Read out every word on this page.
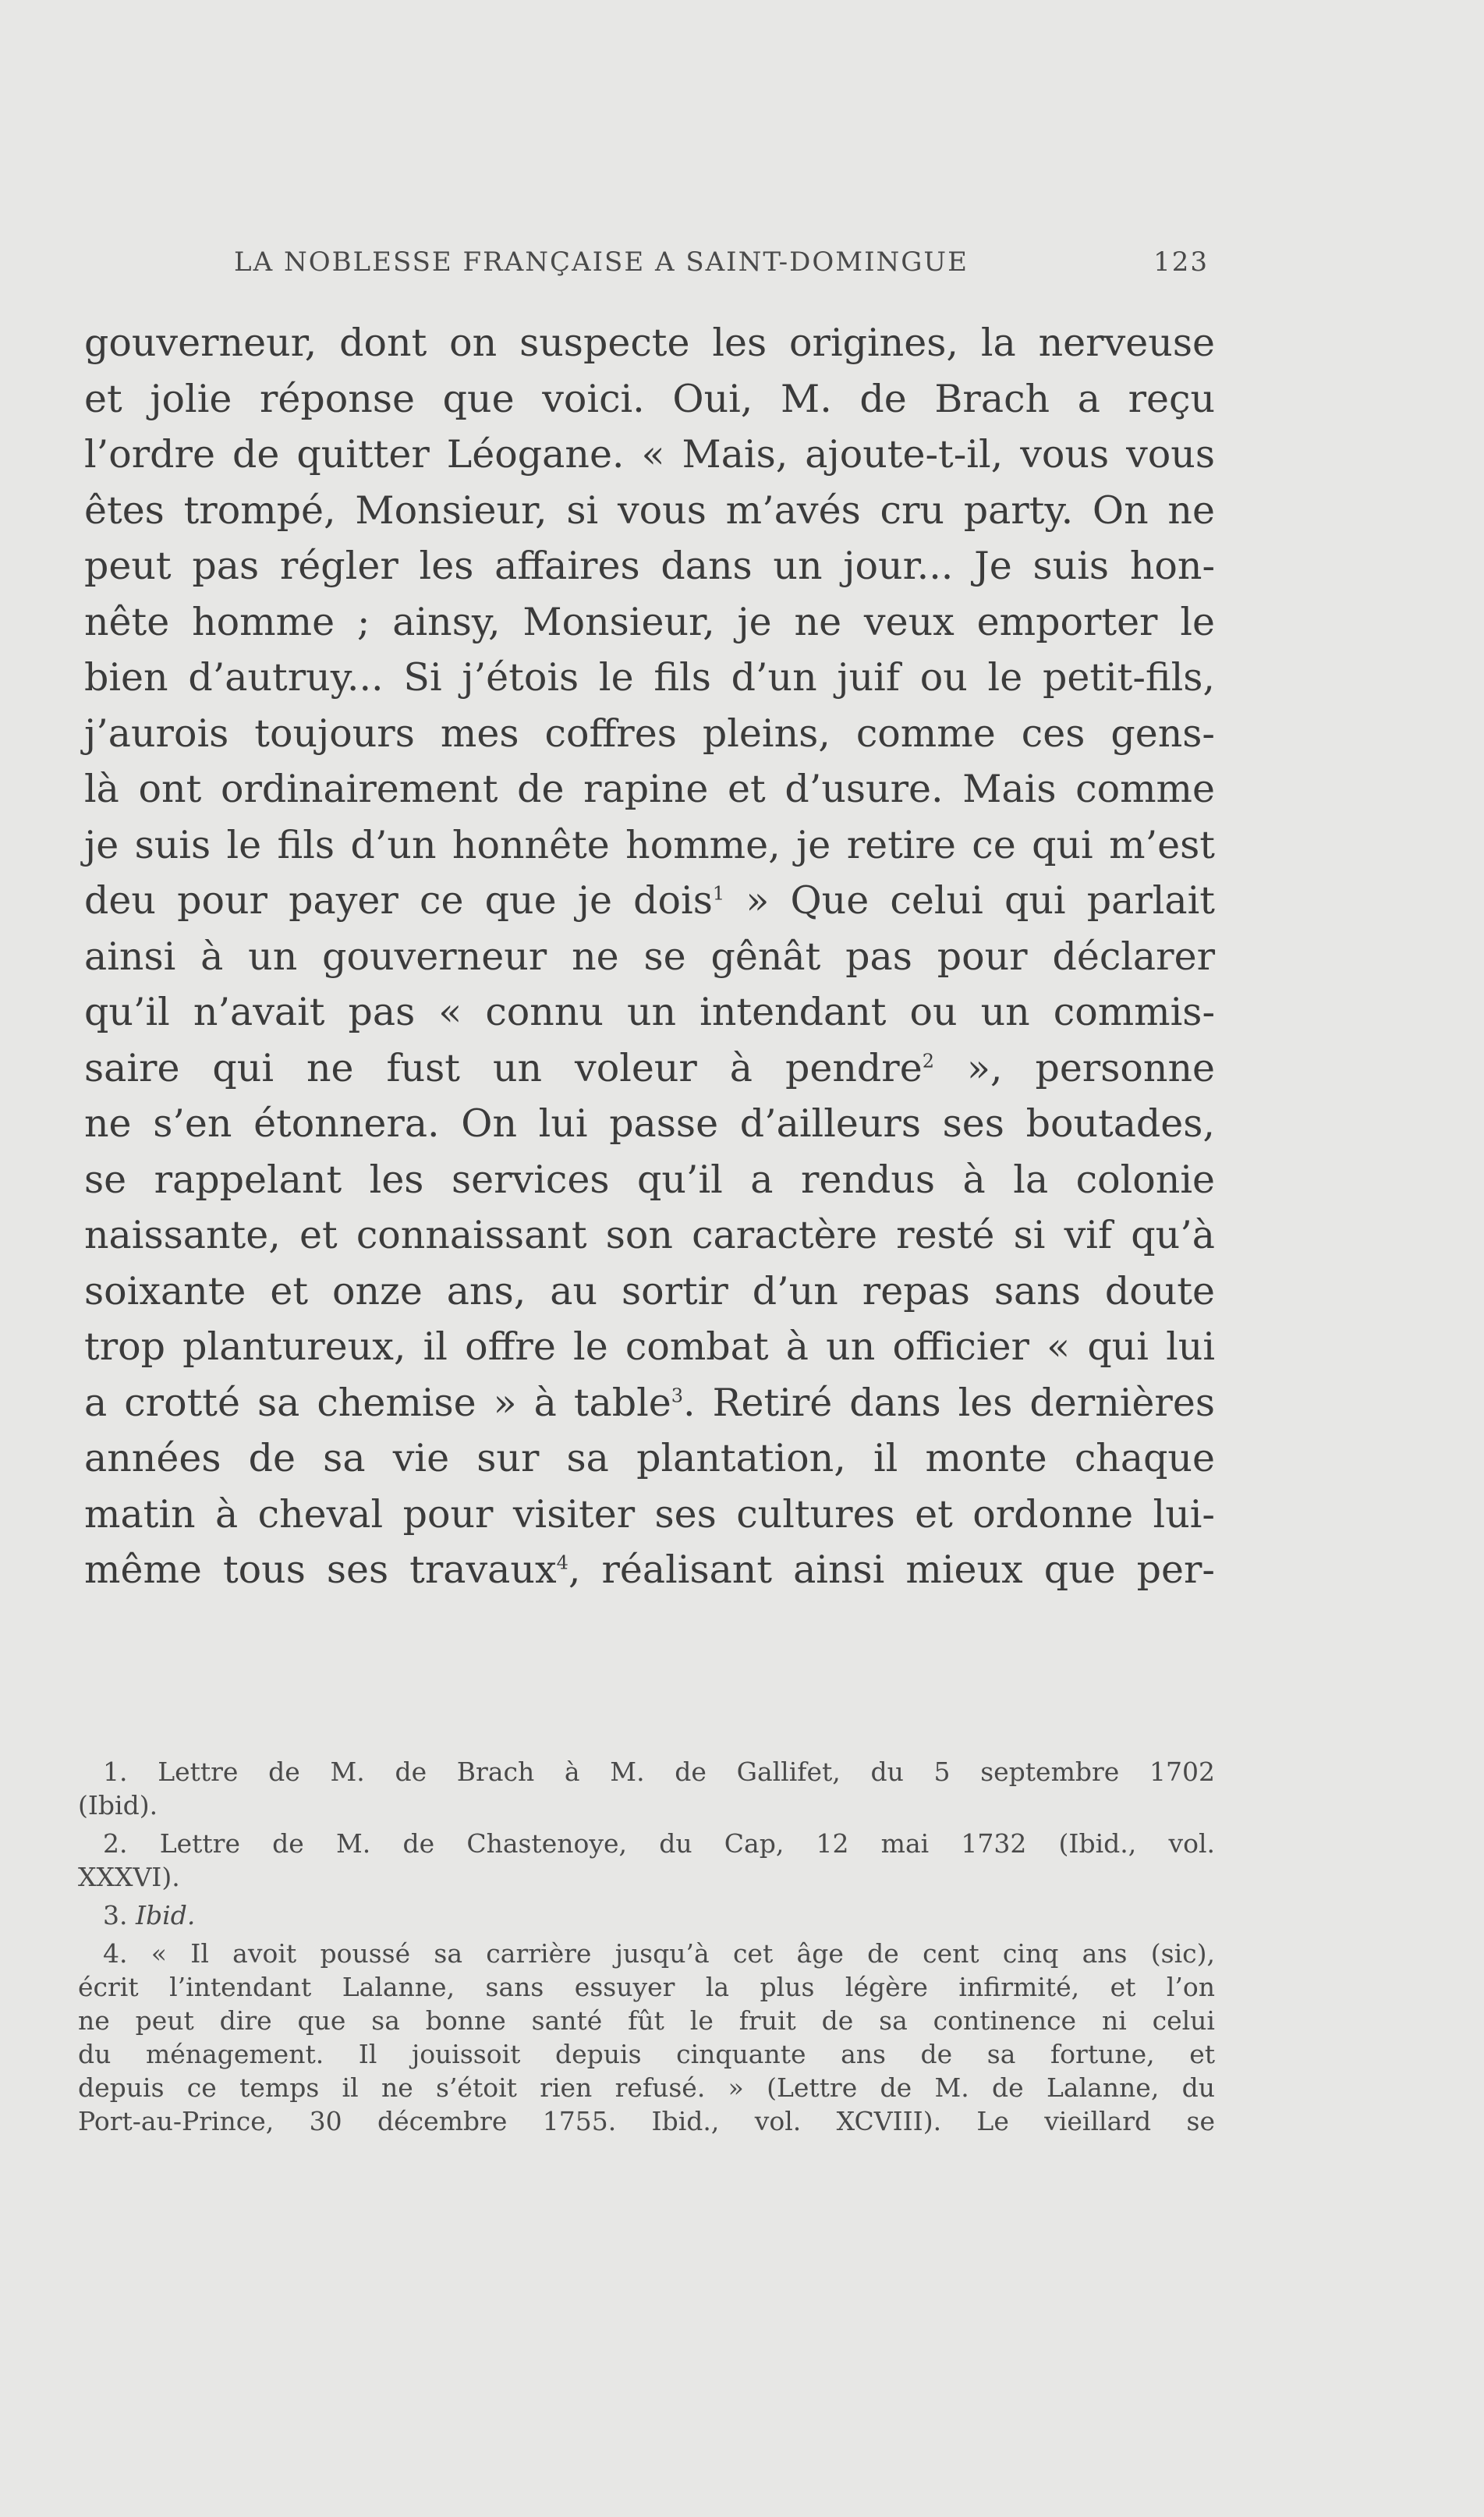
LA NOBLESSE FRANÇAISE A SAINT-DOMINGUE	123
gouverneur, dont on suspecte les origines, la nerveuse
et jolie réponse que voici. Oui, M. de Brach a reçu
l’ordre de quitter Léogane. « Mais, ajoute-t-il, vous vous
êtes trompé, Monsieur, si vous m’avés cru party. On ne
peut pas régler les affaires dans un jour... Je suis hon-
nête homme ; ainsy, Monsieur, je ne veux emporter le
bien d’autruy... Si j’étois le fils d’un juif ou le petit-fils,
j’aurois toujours mes coffres pleins, comme ces gens-
là ont ordinairement de rapine et d’usure. Mais comme
je suis le fils d’un honnête homme, je retire ce qui m’est
deu pour payer ce que je dois$^1$ » Que celui qui parlait
ainsi à un gouverneur ne se gênât pas pour déclarer
qu’il n’avait pas « connu un intendant ou un commis-
saire qui ne fust un voleur à pendre$^2$ », personne
ne s’en étonnera. On lui passe d’ailleurs ses boutades,
se rappelant les services qu’il a rendus à la colonie
naissante, et connaissant son caractère resté si vif qu’à
soixante et onze ans, au sortir d’un repas sans doute
trop plantureux, il offre le combat à un officier « qui lui
a crotté sa chemise » à table$^3$. Retiré dans les dernières
années de sa vie sur sa plantation, il monte chaque
matin à cheval pour visiter ses cultures et ordonne lui-
même tous ses travaux$^4$, réalisant ainsi mieux que per-
1. Lettre de M. de Brach à M. de Gallifet, du 5 septembre 1702
(Ibid).
2. Lettre de M. de Chastenoye, du Cap, 12 mai 1732 (Ibid., vol.
XXXVI).
3. Ibid.
4. « Il avoit poussé sa carrière jusqu’à cet âge de cent cinq ans (sic),
écrit l’intendant Lalanne, sans essuyer la plus légère infirmité, et l’on
ne peut dire que sa bonne santé fût le fruit de sa continence ni celui
du ménagement. Il jouissoit depuis cinquante ans de sa fortune, et
depuis ce temps il ne s’étoit rien refusé. » (Lettre de M. de Lalanne, du
Port-au-Prince, 30 décembre 1755. Ibid., vol. XCVIII). Le vieillard se
